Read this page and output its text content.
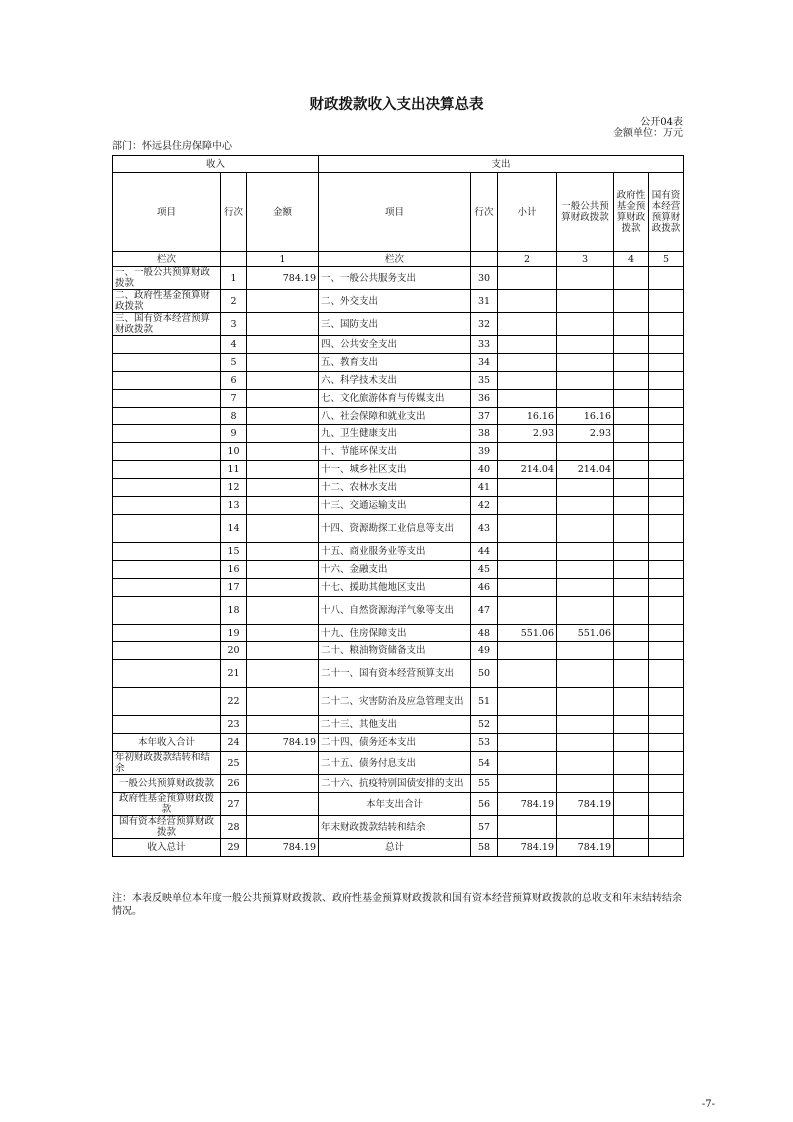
财政拨款收入支出决算总表
公开04表
金额单位：万元
部门：怀远县住房保障中心
收入			支出					
项目	行次	金额	项目	行次	小计	一般公共预算财政拨款	政府性基金预算财政拨款	国有资本经营预算财政拨款
栏次		1	栏次		2	3	4	5
一、一般公共预算财政拨款	1	784.19	一、一般公共服务支出	30				
二、政府性基金预算财政拨款	2		二、外交支出	31				
三、国有资本经营预算财政拨款	3		三、国防支出	32				
	4		四、公共安全支出	33				
	5		五、教育支出	34				
	6		六、科学技术支出	35				
	7		七、文化旅游体育与传媒支出	36				
	8		八、社会保障和就业支出	37	16.16	16.16		
	9		九、卫生健康支出	38	2.93	2.93		
	10		十、节能环保支出	39				
	11		十一、城乡社区支出	40	214.04	214.04		
	12		十二、农林水支出	41				
	13		十三、交通运输支出	42				
	14		十四、资源勘探工业信息等支出	43				
	15		十五、商业服务业等支出	44				
	16		十六、金融支出	45				
	17		十七、援助其他地区支出	46				
	18		十八、自然资源海洋气象等支出	47				
	19		十九、住房保障支出	48	551.06	551.06		
	20		二十、粮油物资储备支出	49				
	21		二十一、国有资本经营预算支出	50				
	22		二十二、灾害防治及应急管理支出	51				
	23		二十三、其他支出	52				
本年收入合计	24	784.19	二十四、债务还本支出	53				
年初财政拨款结转和结余	25		二十五、债务付息支出	54				
一般公共预算财政拨款	26		二十六、抗疫特别国债安排的支出	55				
政府性基金预算财政拨款	27		本年支出合计	56	784.19	784.19		
国有资本经营预算财政拨款	28		年末财政拨款结转和结余	57				
收入总计	29	784.19	总计	58	784.19	784.19		
注：本表反映单位本年度一般公共预算财政拨款、政府性基金预算财政拨款和国有资本经营预算财政拨款的总收支和年末结转结余情况。
-7-
